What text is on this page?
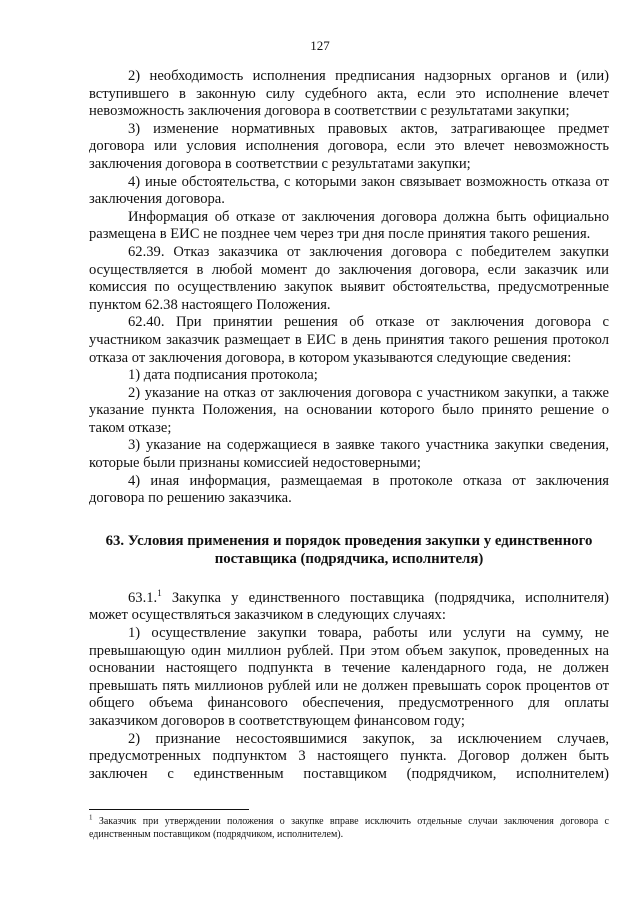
127

2) необходимость исполнения предписания надзорных органов и (или) вступившего в законную силу судебного акта, если это исполнение влечет невозможность заключения договора в соответствии с результатами закупки;

3) изменение нормативных правовых актов, затрагивающее предмет договора или условия исполнения договора, если это влечет невозможность заключения договора в соответствии с результатами закупки;

4) иные обстоятельства, с которыми закон связывает возможность отказа от заключения договора.

Информация об отказе от заключения договора должна быть официально размещена в ЕИС не позднее чем через три дня после принятия такого решения.

62.39. Отказ заказчика от заключения договора с победителем закупки осуществляется в любой момент до заключения договора, если заказчик или комиссия по осуществлению закупок выявит обстоятельства, предусмотренные пунктом 62.38 настоящего Положения.

62.40. При принятии решения об отказе от заключения договора с участником заказчик размещает в ЕИС в день принятия такого решения протокол отказа от заключения договора, в котором указываются следующие сведения:

1) дата подписания протокола;

2) указание на отказ от заключения договора с участником закупки, а также указание пункта Положения, на основании которого было принято решение о таком отказе;

3) указание на содержащиеся в заявке такого участника закупки сведения, которые были признаны комиссией недостоверными;

4) иная информация, размещаемая в протоколе отказа от заключения договора по решению заказчика.

63. Условия применения и порядок проведения закупки у единственного поставщика (подрядчика, исполнителя)

63.1.$^1$ Закупка у единственного поставщика (подрядчика, исполнителя) может осуществляться заказчиком в следующих случаях:

1) осуществление закупки товара, работы или услуги на сумму, не превышающую один миллион рублей. При этом объем закупок, проведенных на основании настоящего подпункта в течение календарного года, не должен превышать пять миллионов рублей или не должен превышать сорок процентов от общего объема финансового обеспечения, предусмотренного для оплаты заказчиком договоров в соответствующем финансовом году;

2) признание несостоявшимися закупок, за исключением случаев, предусмотренных подпунктом 3 настоящего пункта. Договор должен быть заключен с единственным поставщиком (подрядчиком, исполнителем)

$^1$ Заказчик при утверждении положения о закупке вправе исключить отдельные случаи заключения договора с единственным поставщиком (подрядчиком, исполнителем).
